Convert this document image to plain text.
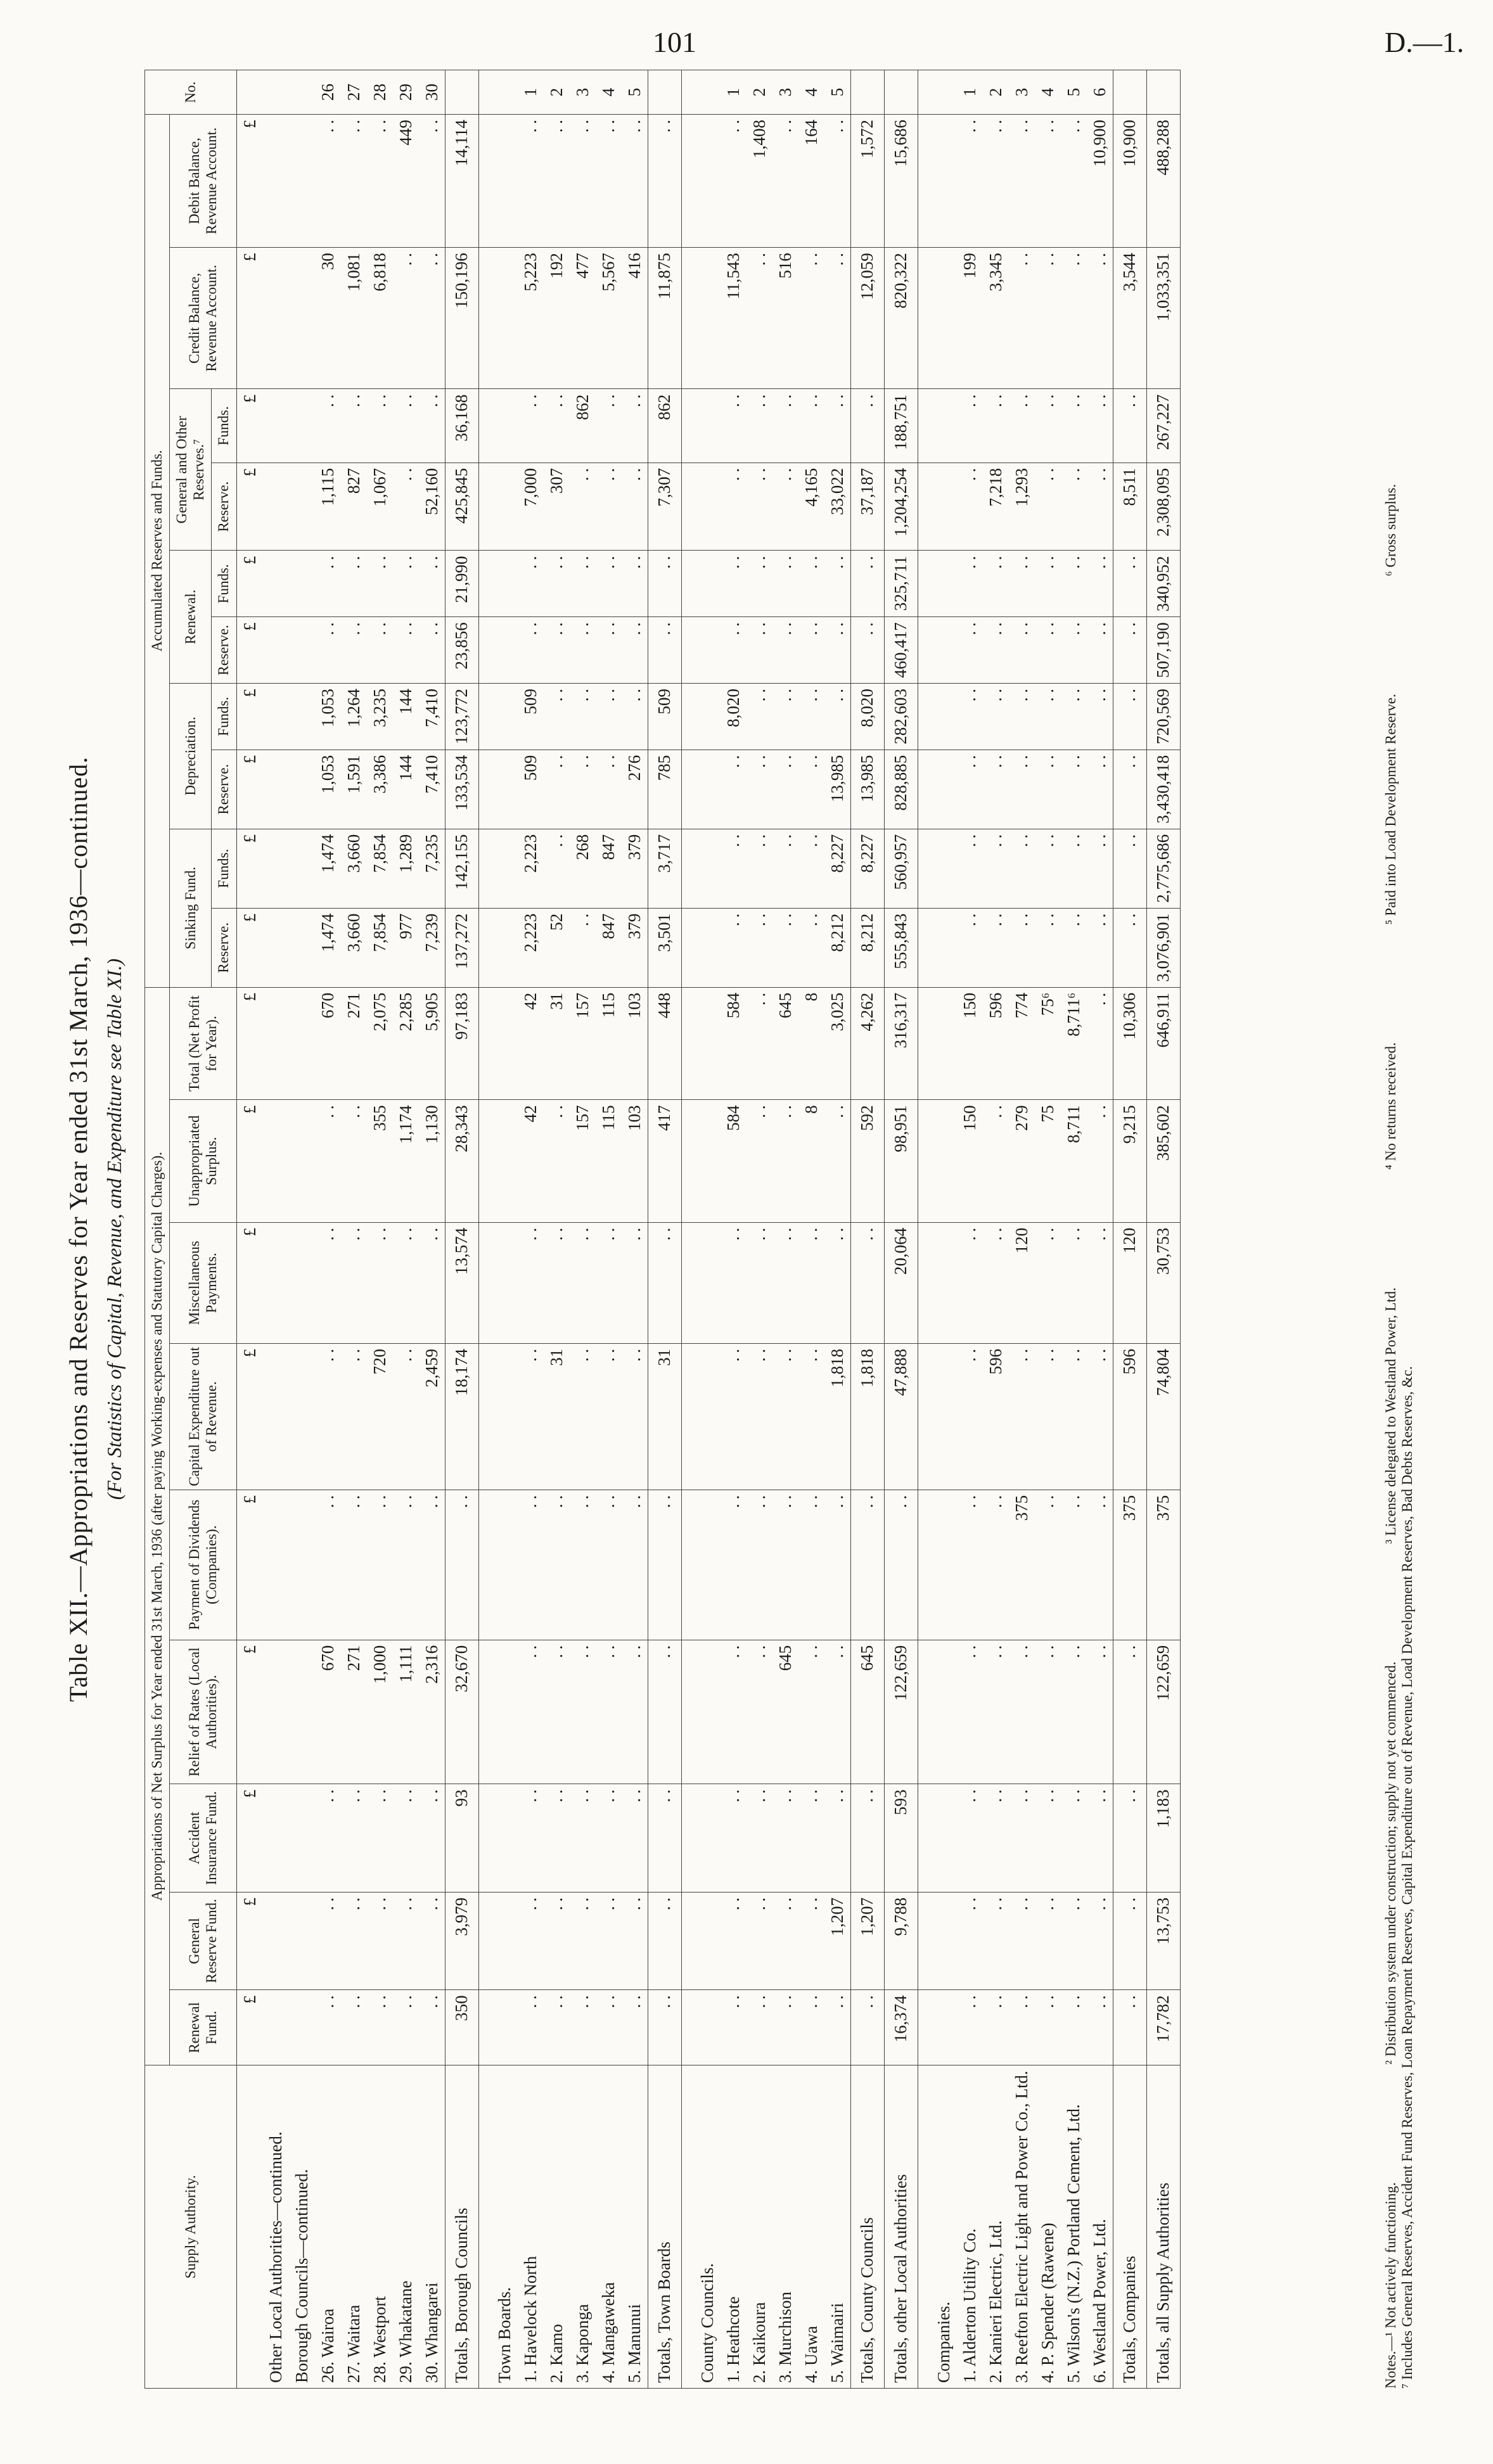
101	D.—1.
Table XII.—Appropriations and Reserves for Year ended 31st March, 1936—continued. (For Statistics of Capital, Revenue, and Expenditure see Table XI.)
Supply Authority.	Appropriations of Net Surplus for Year ended 31st March, 1936 (after paying Working-expenses and Statutory Capital Charges).									Accumulated Reserves and Funds.										No.
	Renewal Fund.	General Reserve Fund.	Accident Insurance Fund.	Relief of Rates (Local Authorities).	Payment of Dividends (Companies).	Capital Expenditure out of Revenue.	Miscellaneous Payments.	Unappropriated Surplus.	Total (Net Profit for Year).	Sinking Fund.		Depreciation.		Renewal.		General and Other Reserves.⁷		Credit Balance, Revenue Account.	Debit Balance, Revenue Account.	
										Reserve.	Funds.	Reserve.	Funds.	Reserve.	Funds.	Reserve.	Funds.			
	£	£	£	£	£	£	£	£	£	£	£	£	£	£	£	£	£	£	£	
Other Local Authorities—continued.																				
Borough Councils—continued.																				
26. Wairoa	. .	. .	. .	670	. .	. .	. .	. .	670	1,474	1,474	1,053	1,053	. .	. .	1,115	. .	30	. .	26
27. Waitara	. .	. .	. .	271	. .	. .	. .	. .	271	3,660	3,660	1,591	1,264	. .	. .	827	. .	1,081	. .	27
28. Westport	. .	. .	. .	1,000	. .	720	. .	355	2,075	7,854	7,854	3,386	3,235	. .	. .	1,067	. .	6,818	. .	28
29. Whakatane	. .	. .	. .	1,111	. .	. .	. .	1,174	2,285	977	1,289	144	144	. .	. .	. .	. .	. .	449	29
30. Whangarei	. .	. .	. .	2,316	. .	2,459	. .	1,130	5,905	7,239	7,235	7,410	7,410	. .	. .	52,160	. .	. .	. .	30
Totals, Borough Councils	350	3,979	93	32,670	. .	18,174	13,574	28,343	97,183	137,272	142,155	133,534	123,772	23,856	21,990	425,845	36,168	150,196	14,114	

Town Boards.																				
1. Havelock North	. .	. .	. .	. .	. .	. .	. .	42	42	2,223	2,223	509	509	. .	. .	7,000	. .	5,223	. .	1
2. Kamo	. .	. .	. .	. .	. .	31	. .	. .	31	52	. .	. .	. .	. .	. .	307	. .	192	. .	2
3. Kaponga	. .	. .	. .	. .	. .	. .	. .	157	157	. .	268	. .	. .	. .	. .	. .	862	477	. .	3
4. Mangaweka	. .	. .	. .	. .	. .	. .	. .	115	115	847	847	. .	. .	. .	. .	. .	. .	5,567	. .	4
5. Manunui	. .	. .	. .	. .	. .	. .	. .	103	103	379	379	276	. .	. .	. .	. .	. .	416	. .	5
Totals, Town Boards	. .	. .	. .	. .	. .	31	. .	417	448	3,501	3,717	785	509	. .	. .	7,307	862	11,875	. .	

County Councils.																				
1. Heathcote	. .	. .	. .	. .	. .	. .	. .	584	584	. .	. .	. .	8,020	. .	. .	. .	. .	11,543	. .	1
2. Kaikoura	. .	. .	. .	. .	. .	. .	. .	. .	. .	. .	. .	. .	. .	. .	. .	. .	. .	. .	1,408	2
3. Murchison	. .	. .	. .	645	. .	. .	. .	. .	645	. .	. .	. .	. .	. .	. .	. .	. .	516	. .	3
4. Uawa	. .	. .	. .	. .	. .	. .	. .	8	8	. .	. .	. .	. .	. .	. .	4,165	. .	. .	164	4
5. Waimairi	. .	1,207	. .	. .	. .	1,818	. .	. .	3,025	8,212	8,227	13,985	. .	. .	. .	33,022	. .	. .	. .	5
Totals, County Councils	. .	1,207	. .	645	. .	1,818	. .	592	4,262	8,212	8,227	13,985	8,020	. .	. .	37,187	. .	12,059	1,572	
Totals, other Local Authorities	16,374	9,788	593	122,659	. .	47,888	20,064	98,951	316,317	555,843	560,957	828,885	282,603	460,417	325,711	1,204,254	188,751	820,322	15,686	

Companies.																				
1. Alderton Utility Co.	. .	. .	. .	. .	. .	. .	. .	150	150	. .	. .	. .	. .	. .	. .	. .	. .	199	. .	1
2. Kanieri Electric, Ltd.	. .	. .	. .	. .	. .	596	. .	. .	596	. .	. .	. .	. .	. .	. .	7,218	. .	3,345	. .	2
3. Reefton Electric Light and Power Co., Ltd.	. .	. .	. .	. .	375	. .	120	279	774	. .	. .	. .	. .	. .	. .	1,293	. .	. .	. .	3
4. P. Spender (Rawene)	. .	. .	. .	. .	. .	. .	. .	75	75⁶	. .	. .	. .	. .	. .	. .	. .	. .	. .	. .	4
5. Wilson's (N.Z.) Portland Cement, Ltd.	. .	. .	. .	. .	. .	. .	. .	8,711	8,711⁶	. .	. .	. .	. .	. .	. .	. .	. .	. .	. .	5
6. Westland Power, Ltd.	. .	. .	. .	. .	. .	. .	. .	. .	. .	. .	. .	. .	. .	. .	. .	. .	. .	. .	10,900	6
Totals, Companies	. .	. .	. .	. .	375	596	120	9,215	10,306	. .	. .	. .	. .	. .	. .	8,511	. .	3,544	10,900	
Totals, all Supply Authorities	17,782	13,753	1,183	122,659	375	74,804	30,753	385,602	646,911	3,076,901	2,775,686	3,430,418	720,569	507,190	340,952	2,308,095	267,227	1,033,351	488,288	
Notes.—¹ Not actively functioning. ² Distribution system under construction; supply not yet commenced. ³ License delegated to Westland Power, Ltd. ⁴ No returns received. ⁵ Paid into Load Development Reserve. ⁶ Gross surplus.
⁷ Includes General Reserves, Accident Fund Reserves, Loan Repayment Reserves, Capital Expenditure out of Revenue, Load Development Reserves, Bad Debts Reserves, &c.
